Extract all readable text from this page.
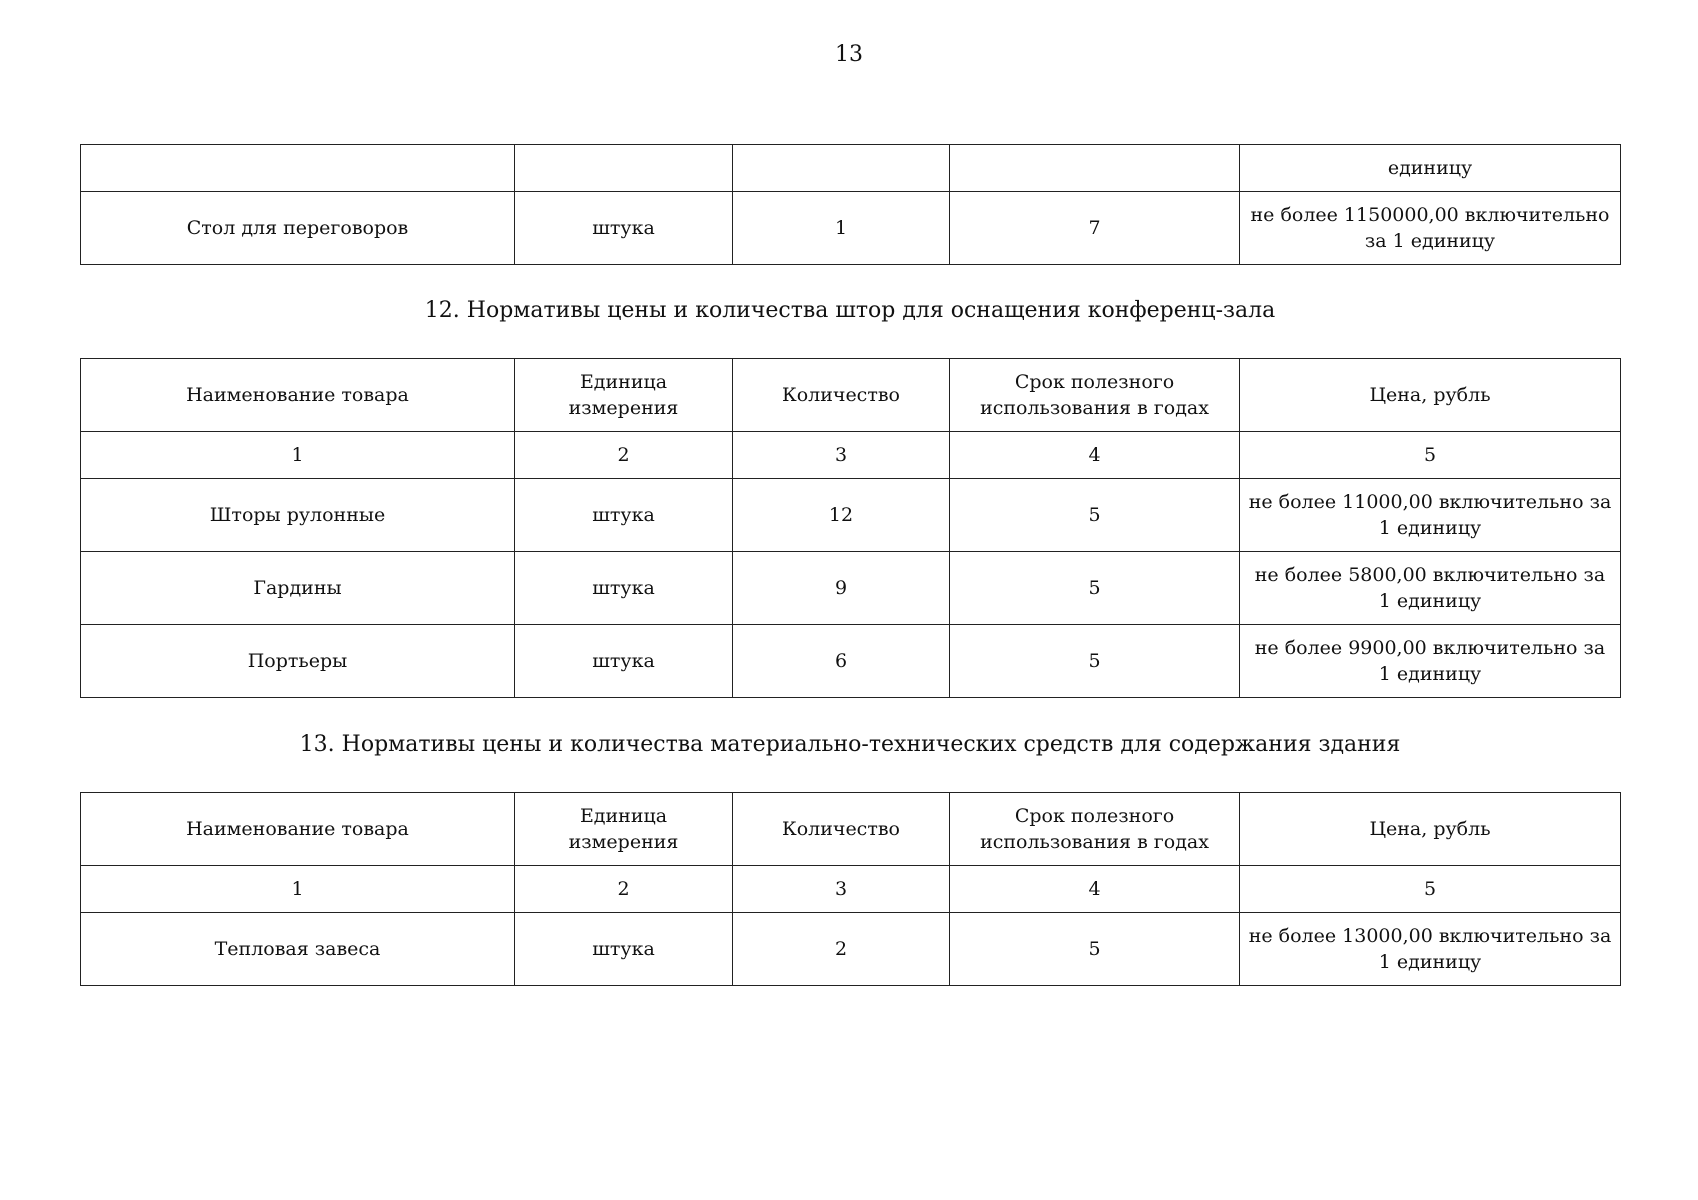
13
				единицу
Стол для переговоров	штука	1	7	не более 1150000,00 включительно за 1 единицу
12. Нормативы цены и количества штор для оснащения конференц-зала
Наименование товара	Единица измерения	Количество	Срок полезного использования в годах	Цена, рубль
1	2	3	4	5
Шторы рулонные	штука	12	5	не более 11000,00 включительно за 1 единицу
Гардины	штука	9	5	не более 5800,00 включительно за 1 единицу
Портьеры	штука	6	5	не более 9900,00 включительно за 1 единицу
13. Нормативы цены и количества материально-технических средств для содержания здания
Наименование товара	Единица измерения	Количество	Срок полезного использования в годах	Цена, рубль
1	2	3	4	5
Тепловая завеса	штука	2	5	не более 13000,00 включительно за 1 единицу
